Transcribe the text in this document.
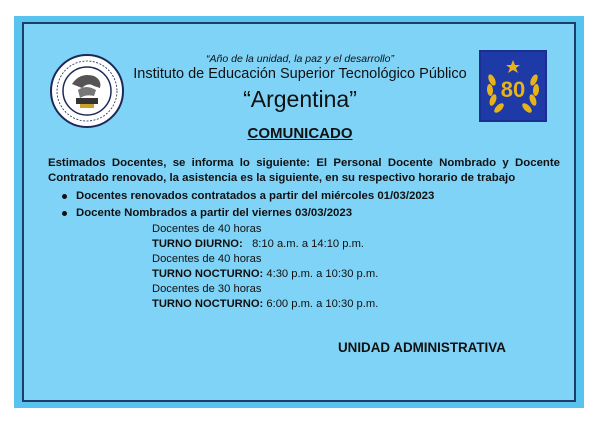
“Año de la unidad, la paz y el desarrollo”
Instituto de Educación Superior Tecnológico Público
“Argentina”	80
COMUNICADO
Estimados Docentes, se informa lo siguiente: El Personal Docente Nombrado y Docente Contratado renovado, la asistencia es la siguiente, en su respectivo horario de trabajo
Docentes renovados contratados a partir del miércoles 01/03/2023
Docente Nombrados a partir del viernes 03/03/2023
Docentes de 40 horas
TURNO DIURNO:   8:10 a.m. a 14:10 p.m.
Docentes de 40 horas
TURNO NOCTURNO: 4:30 p.m. a 10:30 p.m.
Docentes de 30 horas
TURNO NOCTURNO: 6:00 p.m. a 10:30 p.m.
UNIDAD ADMINISTRATIVA
